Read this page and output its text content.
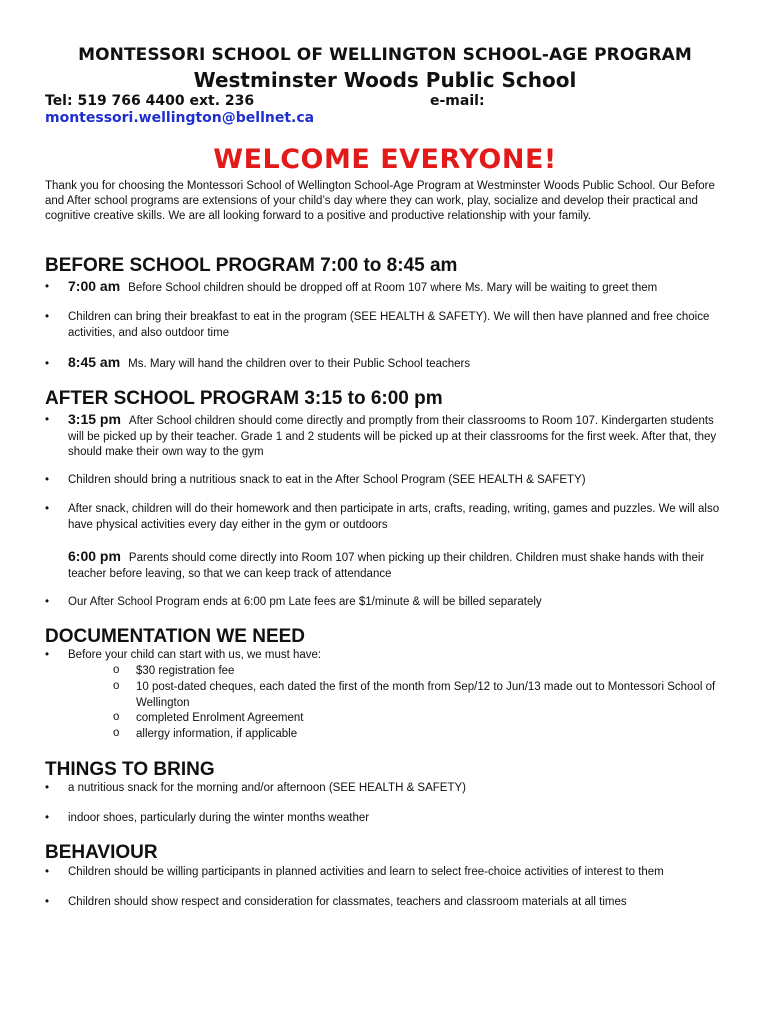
MONTESSORI SCHOOL OF WELLINGTON SCHOOL-AGE PROGRAM
Westminster Woods Public School
Tel: 519 766 4400 ext. 236	e-mail:
montessori.wellington@bellnet.ca
WELCOME EVERYONE!
Thank you for choosing the Montessori School of Wellington School-Age Program at Westminster Woods Public School. Our Before and After school programs are extensions of your child’s day where they can work, play, socialize and develop their practical and cognitive creative skills. We are all looking forward to a positive and productive relationship with your family.
BEFORE SCHOOL PROGRAM 7:00 to 8:45 am
• 7:00 am Before School children should be dropped off at Room 107 where Ms. Mary will be waiting to greet them
• Children can bring their breakfast to eat in the program (SEE HEALTH & SAFETY). We will then have planned and free choice activities, and also outdoor time
• 8:45 am Ms. Mary will hand the children over to their Public School teachers
AFTER SCHOOL PROGRAM 3:15 to 6:00 pm
• 3:15 pm After School children should come directly and promptly from their classrooms to Room 107. Kindergarten students will be picked up by their teacher. Grade 1 and 2 students will be picked up at their classrooms for the first week. After that, they should make their own way to the gym
• Children should bring a nutritious snack to eat in the After School Program (SEE HEALTH & SAFETY)
• After snack, children will do their homework and then participate in arts, crafts, reading, writing, games and puzzles. We will also have physical activities every day either in the gym or outdoors
6:00 pm Parents should come directly into Room 107 when picking up their children. Children must shake hands with their teacher before leaving, so that we can keep track of attendance
• Our After School Program ends at 6:00 pm Late fees are $1/minute & will be billed separately
DOCUMENTATION WE NEED
• Before your child can start with us, we must have:
o $30 registration fee
o 10 post-dated cheques, each dated the first of the month from Sep/12 to Jun/13 made out to Montessori School of Wellington
o completed Enrolment Agreement
o allergy information, if applicable
THINGS TO BRING
• a nutritious snack for the morning and/or afternoon (SEE HEALTH & SAFETY)
• indoor shoes, particularly during the winter months weather
BEHAVIOUR
• Children should be willing participants in planned activities and learn to select free-choice activities of interest to them
• Children should show respect and consideration for classmates, teachers and classroom materials at all times
